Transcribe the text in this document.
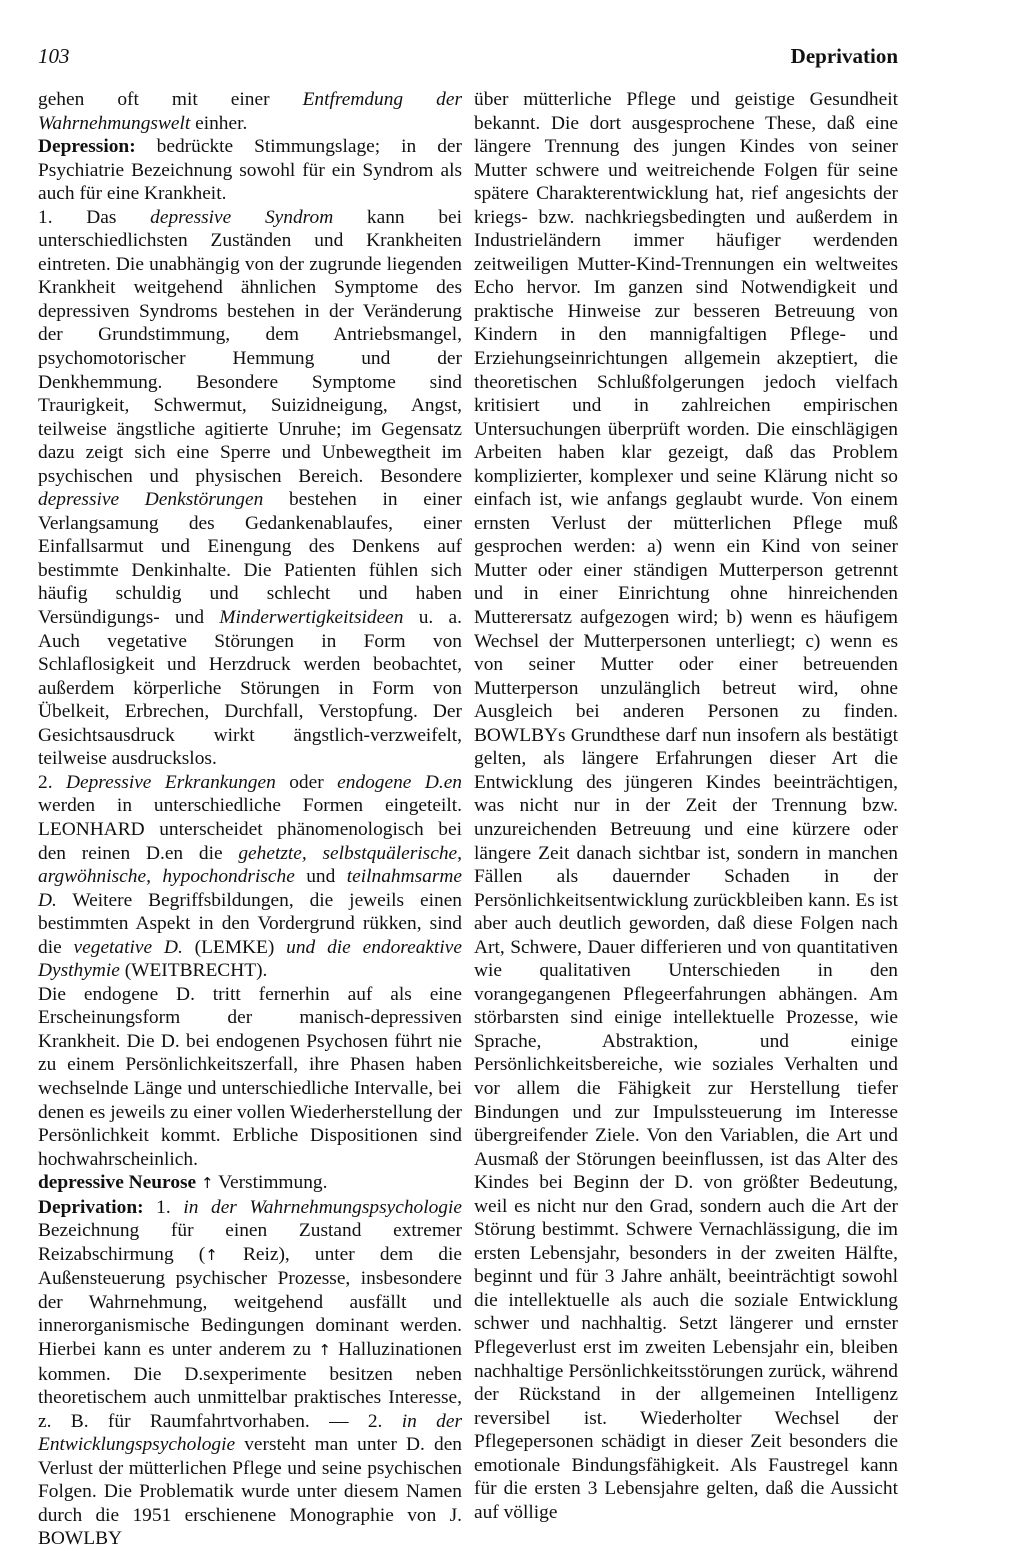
103	Deprivation

gehen oft mit einer Entfremdung der Wahrnehmungswelt einher.

Depression: bedrückte Stimmungslage; in der Psychiatrie Bezeichnung sowohl für ein Syndrom als auch für eine Krankheit.

1. Das depressive Syndrom kann bei unterschiedlichsten Zuständen und Krankheiten eintreten. Die unabhängig von der zugrunde liegenden Krankheit weitgehend ähnlichen Symptome des depressiven Syndroms bestehen in der Veränderung der Grundstimmung, dem Antriebsmangel, psychomotorischer Hemmung und der Denkhemmung. Besondere Symptome sind Traurigkeit, Schwermut, Suizidneigung, Angst, teilweise ängstliche agitierte Unruhe; im Gegensatz dazu zeigt sich eine Sperre und Unbewegtheit im psychischen und physischen Bereich. Besondere depressive Denkstörungen bestehen in einer Verlangsamung des Gedankenablaufes, einer Einfallsarmut und Einengung des Denkens auf bestimmte Denkinhalte. Die Patienten fühlen sich häufig schuldig und schlecht und haben Versündigungs- und Minderwertigkeitsideen u. a. Auch vegetative Störungen in Form von Schlaflosigkeit und Herzdruck werden beobachtet, außerdem körperliche Störungen in Form von Übelkeit, Erbrechen, Durchfall, Verstopfung. Der Gesichtsausdruck wirkt ängstlich-verzweifelt, teilweise ausdruckslos.

2. Depressive Erkrankungen oder endogene D.en werden in unterschiedliche Formen eingeteilt. LEONHARD unterscheidet phänomenologisch bei den reinen D.en die gehetzte, selbstquälerische, argwöhnische, hypochondrische und teilnahmsarme D. Weitere Begriffsbildungen, die jeweils einen bestimmten Aspekt in den Vordergrund rükken, sind die vegetative D. (LEMKE) und die endoreaktive Dysthymie (WEITBRECHT).

Die endogene D. tritt fernerhin auf als eine Erscheinungsform der manisch-depressiven Krankheit. Die D. bei endogenen Psychosen führt nie zu einem Persönlichkeitszerfall, ihre Phasen haben wechselnde Länge und unterschiedliche Intervalle, bei denen es jeweils zu einer vollen Wiederherstellung der Persönlichkeit kommt. Erbliche Dispositionen sind hochwahrscheinlich.

depressive Neurose ↑ Verstimmung.

Deprivation: 1. in der Wahrnehmungspsychologie Bezeichnung für einen Zustand extremer Reizabschirmung (↑ Reiz), unter dem die Außensteuerung psychischer Prozesse, insbesondere der Wahrnehmung, weitgehend ausfällt und innerorganismische Bedingungen dominant werden. Hierbei kann es unter anderem zu ↑ Halluzinationen kommen. Die D.sexperimente besitzen neben theoretischem auch unmittelbar praktisches Interesse, z. B. für Raumfahrtvorhaben. — 2. in der Entwicklungspsychologie versteht man unter D. den Verlust der mütterlichen Pflege und seine psychischen Folgen. Die Problematik wurde unter diesem Namen durch die 1951 erschienene Monographie von J. BOWLBY

über mütterliche Pflege und geistige Gesundheit bekannt. Die dort ausgesprochene These, daß eine längere Trennung des jungen Kindes von seiner Mutter schwere und weitreichende Folgen für seine spätere Charakterentwicklung hat, rief angesichts der kriegs- bzw. nachkriegsbedingten und außerdem in Industrieländern immer häufiger werdenden zeitweiligen Mutter-Kind-Trennungen ein weltweites Echo hervor. Im ganzen sind Notwendigkeit und praktische Hinweise zur besseren Betreuung von Kindern in den mannigfaltigen Pflege- und Erziehungseinrichtungen allgemein akzeptiert, die theoretischen Schlußfolgerungen jedoch vielfach kritisiert und in zahlreichen empirischen Untersuchungen überprüft worden. Die einschlägigen Arbeiten haben klar gezeigt, daß das Problem komplizierter, komplexer und seine Klärung nicht so einfach ist, wie anfangs geglaubt wurde. Von einem ernsten Verlust der mütterlichen Pflege muß gesprochen werden: a) wenn ein Kind von seiner Mutter oder einer ständigen Mutterperson getrennt und in einer Einrichtung ohne hinreichenden Mutterersatz aufgezogen wird; b) wenn es häufigem Wechsel der Mutterpersonen unterliegt; c) wenn es von seiner Mutter oder einer betreuenden Mutterperson unzulänglich betreut wird, ohne Ausgleich bei anderen Personen zu finden. BOWLBYs Grundthese darf nun insofern als bestätigt gelten, als längere Erfahrungen dieser Art die Entwicklung des jüngeren Kindes beeinträchtigen, was nicht nur in der Zeit der Trennung bzw. unzureichenden Betreuung und eine kürzere oder längere Zeit danach sichtbar ist, sondern in manchen Fällen als dauernder Schaden in der Persönlichkeitsentwicklung zurückbleiben kann. Es ist aber auch deutlich geworden, daß diese Folgen nach Art, Schwere, Dauer differieren und von quantitativen wie qualitativen Unterschieden in den vorangegangenen Pflegeerfahrungen abhängen. Am störbarsten sind einige intellektuelle Prozesse, wie Sprache, Abstraktion, und einige Persönlichkeitsbereiche, wie soziales Verhalten und vor allem die Fähigkeit zur Herstellung tiefer Bindungen und zur Impulssteuerung im Interesse übergreifender Ziele. Von den Variablen, die Art und Ausmaß der Störungen beeinflussen, ist das Alter des Kindes bei Beginn der D. von größter Bedeutung, weil es nicht nur den Grad, sondern auch die Art der Störung bestimmt. Schwere Vernachlässigung, die im ersten Lebensjahr, besonders in der zweiten Hälfte, beginnt und für 3 Jahre anhält, beeinträchtigt sowohl die intellektuelle als auch die soziale Entwicklung schwer und nachhaltig. Setzt längerer und ernster Pflegeverlust erst im zweiten Lebensjahr ein, bleiben nachhaltige Persönlichkeitsstörungen zurück, während der Rückstand in der allgemeinen Intelligenz reversibel ist. Wiederholter Wechsel der Pflegepersonen schädigt in dieser Zeit besonders die emotionale Bindungsfähigkeit. Als Faustregel kann für die ersten 3 Lebensjahre gelten, daß die Aussicht auf völlige
